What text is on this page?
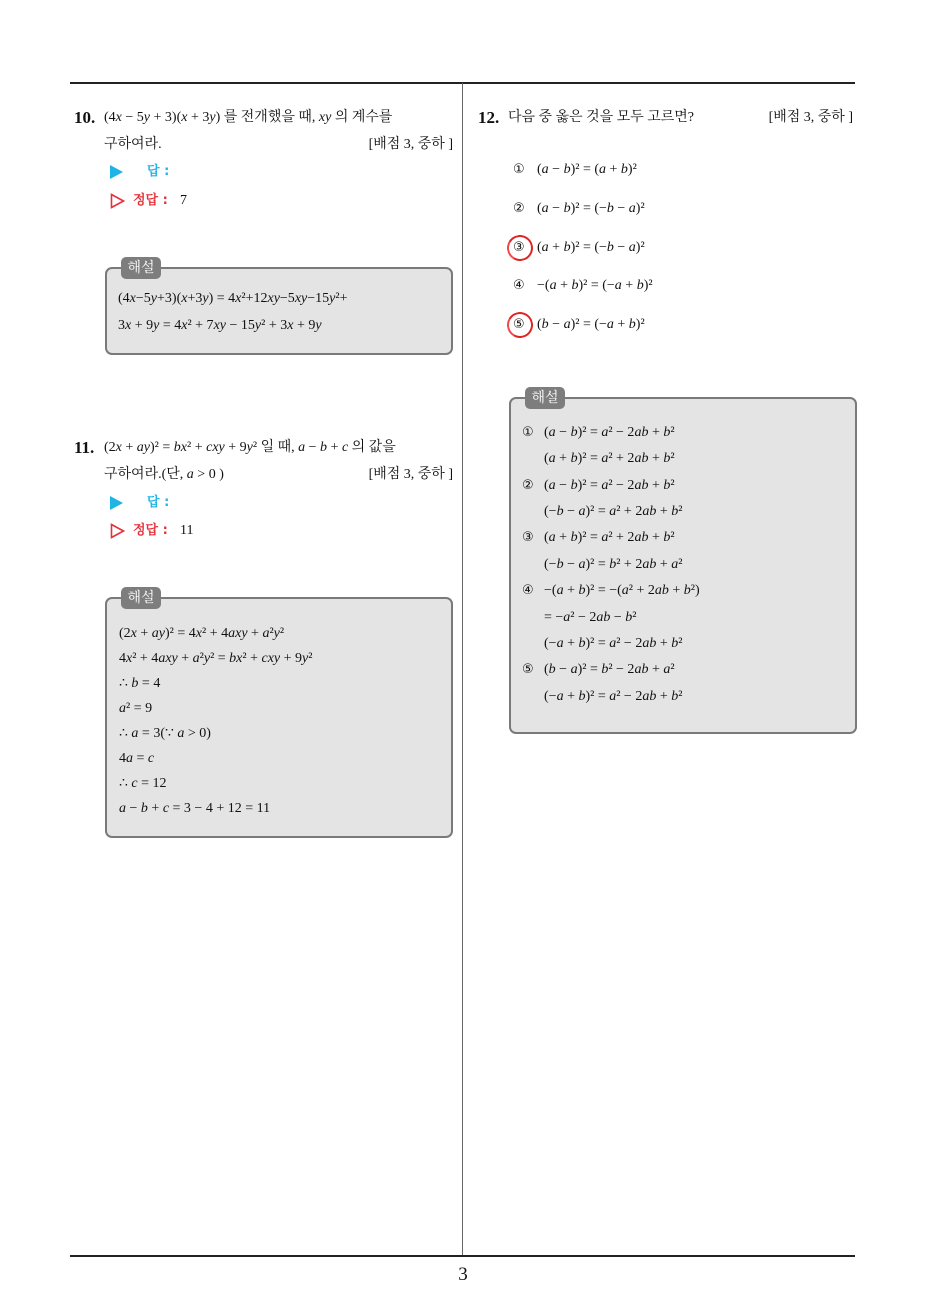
3
10. (4x − 5y + 3)(x + 3y) 를 전개했을 때, xy 의 계수를
구하여라.	[배점 3, 중하 ]
답 :
정답 : 7
해설
(4x−5y+3)(x+3y) = 4x²+12xy−5xy−15y²+
3x + 9y = 4x² + 7xy − 15y² + 3x + 9y
11. (2x + ay)² = bx² + cxy + 9y² 일 때, a − b + c 의 값을
구하여라.(단, a > 0 )	[배점 3, 중하 ]
답 :
정답 : 11
해설
(2x + ay)² = 4x² + 4axy + a²y²
4x² + 4axy + a²y² = bx² + cxy + 9y²
∴ b = 4
a² = 9
∴ a = 3(∵ a > 0)
4a = c
∴ c = 12
a − b + c = 3 − 4 + 12 = 11
12. 다음 중 옳은 것을 모두 고르면?	[배점 3, 중하 ]
① (a − b)² = (a + b)²
② (a − b)² = (−b − a)²
③ (a + b)² = (−b − a)²
④ −(a + b)² = (−a + b)²
⑤ (b − a)² = (−a + b)²
해설
① (a − b)² = a² − 2ab + b²
(a + b)² = a² + 2ab + b²
② (a − b)² = a² − 2ab + b²
(−b − a)² = a² + 2ab + b²
③ (a + b)² = a² + 2ab + b²
(−b − a)² = b² + 2ab + a²
④ −(a + b)² = −(a² + 2ab + b²)
= −a² − 2ab − b²
(−a + b)² = a² − 2ab + b²
⑤ (b − a)² = b² − 2ab + a²
(−a + b)² = a² − 2ab + b²
